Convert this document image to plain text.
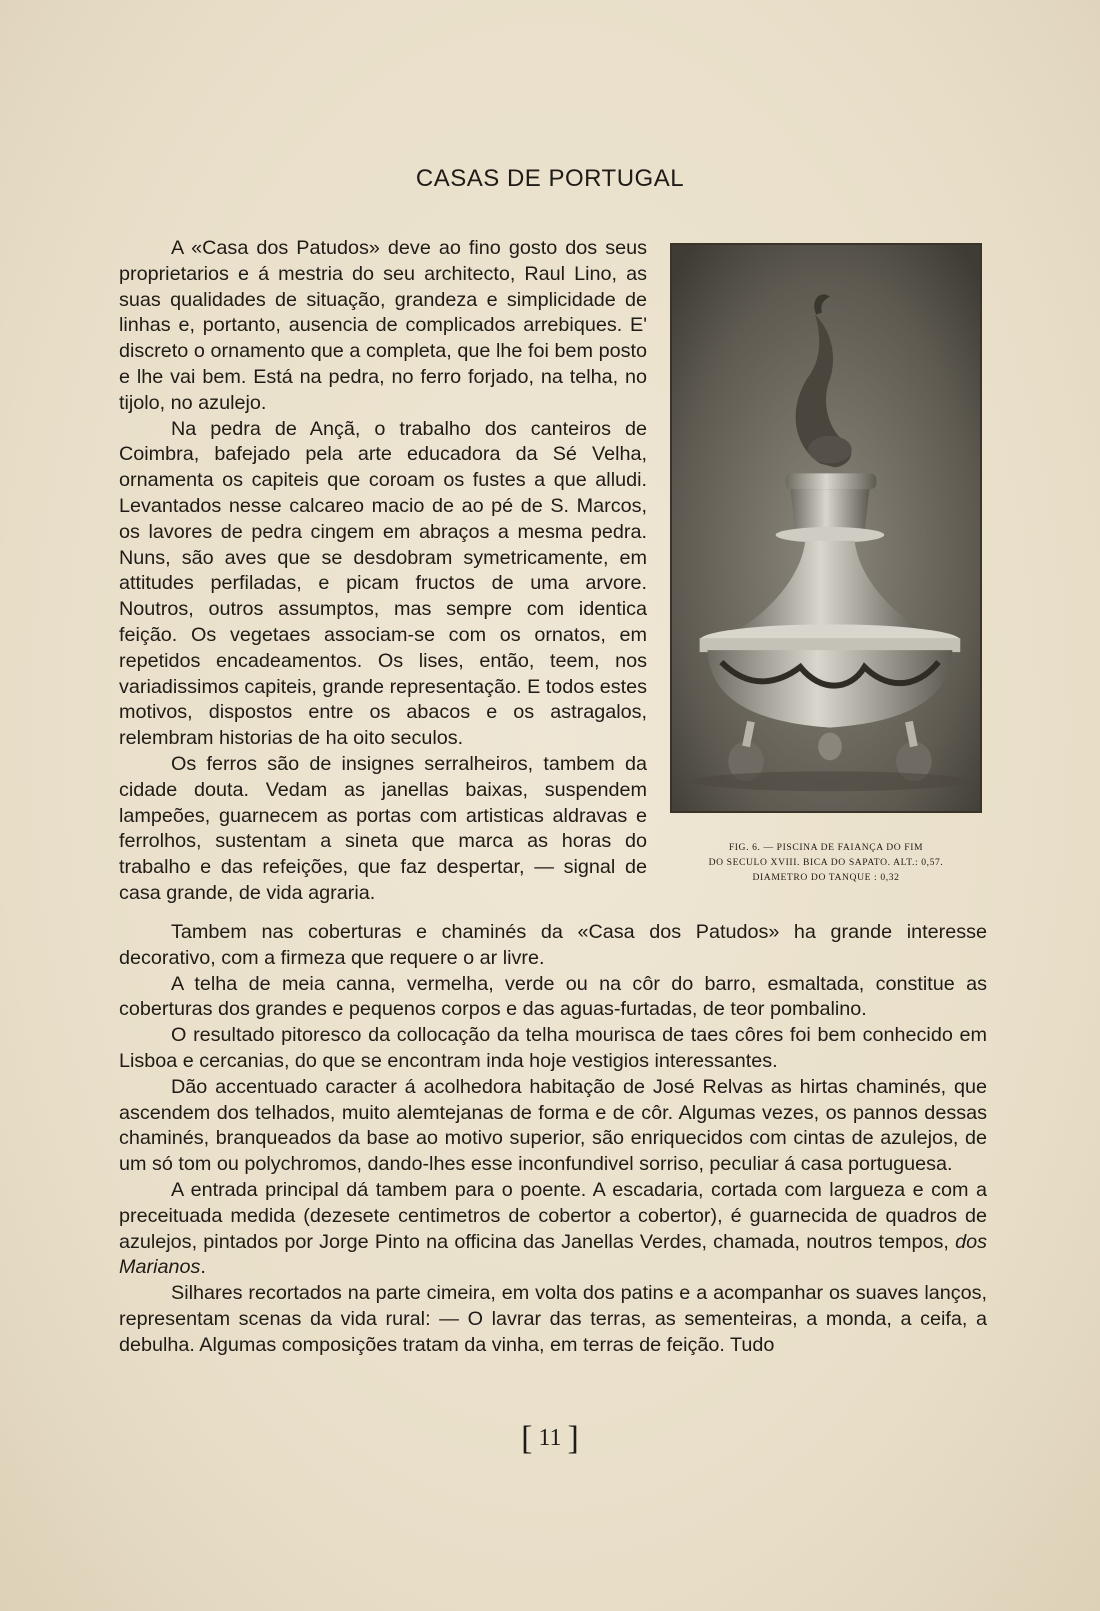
CASAS DE PORTUGAL

A «Casa dos Patudos» deve ao fino gosto dos seus proprietarios e á mestria do seu architecto, Raul Lino, as suas qualidades de situação, grandeza e simplicidade de linhas e, portanto, ausencia de complicados arrebiques. E' discreto o ornamento que a completa, que lhe foi bem posto e lhe vai bem. Está na pedra, no ferro forjado, na telha, no tijolo, no azulejo.

Na pedra de Ançã, o trabalho dos canteiros de Coimbra, bafejado pela arte educadora da Sé Velha, ornamenta os capiteis que coroam os fustes a que alludi. Levantados nesse calcareo macio de ao pé de S. Marcos, os lavores de pedra cingem em abraços a mesma pedra. Nuns, são aves que se desdobram symetricamente, em attitudes perfiladas, e picam fructos de uma arvore. Noutros, outros assumptos, mas sempre com identica feição. Os vegetaes associam-se com os ornatos, em repetidos encadeamentos. Os lises, então, teem, nos variadissimos capiteis, grande representação. E todos estes motivos, dispostos entre os abacos e os astragalos, relembram historias de ha oito seculos.

Os ferros são de insignes serralheiros, tambem da cidade douta. Vedam as janellas baixas, suspendem lampeões, guarnecem as portas com artisticas aldravas e ferrolhos, sustentam a sineta que marca as horas do trabalho e das refeições, que faz despertar, — signal de casa grande, de vida agraria.

FIG. 6. — PISCINA DE FAIANÇA DO FIM
DO SECULO XVIII. BICA DO SAPATO. ALT.: 0,57.
DIAMETRO DO TANQUE : 0,32

Tambem nas coberturas e chaminés da «Casa dos Patudos» ha grande interesse decorativo, com a firmeza que requere o ar livre.

A telha de meia canna, vermelha, verde ou na côr do barro, esmaltada, constitue as coberturas dos grandes e pequenos corpos e das aguas-furtadas, de teor pombalino.

O resultado pitoresco da collocação da telha mourisca de taes côres foi bem conhecido em Lisboa e cercanias, do que se encontram inda hoje vestigios interessantes.

Dão accentuado caracter á acolhedora habitação de José Relvas as hirtas chaminés, que ascendem dos telhados, muito alemtejanas de forma e de côr. Algumas vezes, os pannos dessas chaminés, branqueados da base ao motivo superior, são enriquecidos com cintas de azulejos, de um só tom ou polychromos, dando-lhes esse inconfundivel sorriso, peculiar á casa portuguesa.

A entrada principal dá tambem para o poente. A escadaria, cortada com largueza e com a preceituada medida (dezesete centimetros de cobertor a cobertor), é guarnecida de quadros de azulejos, pintados por Jorge Pinto na officina das Janellas Verdes, chamada, noutros tempos, dos Marianos.

Silhares recortados na parte cimeira, em volta dos patins e a acompanhar os suaves lanços, representam scenas da vida rural: — O lavrar das terras, as sementeiras, a monda, a ceifa, a debulha. Algumas composições tratam da vinha, em terras de feição. Tudo

[ 11 ]
